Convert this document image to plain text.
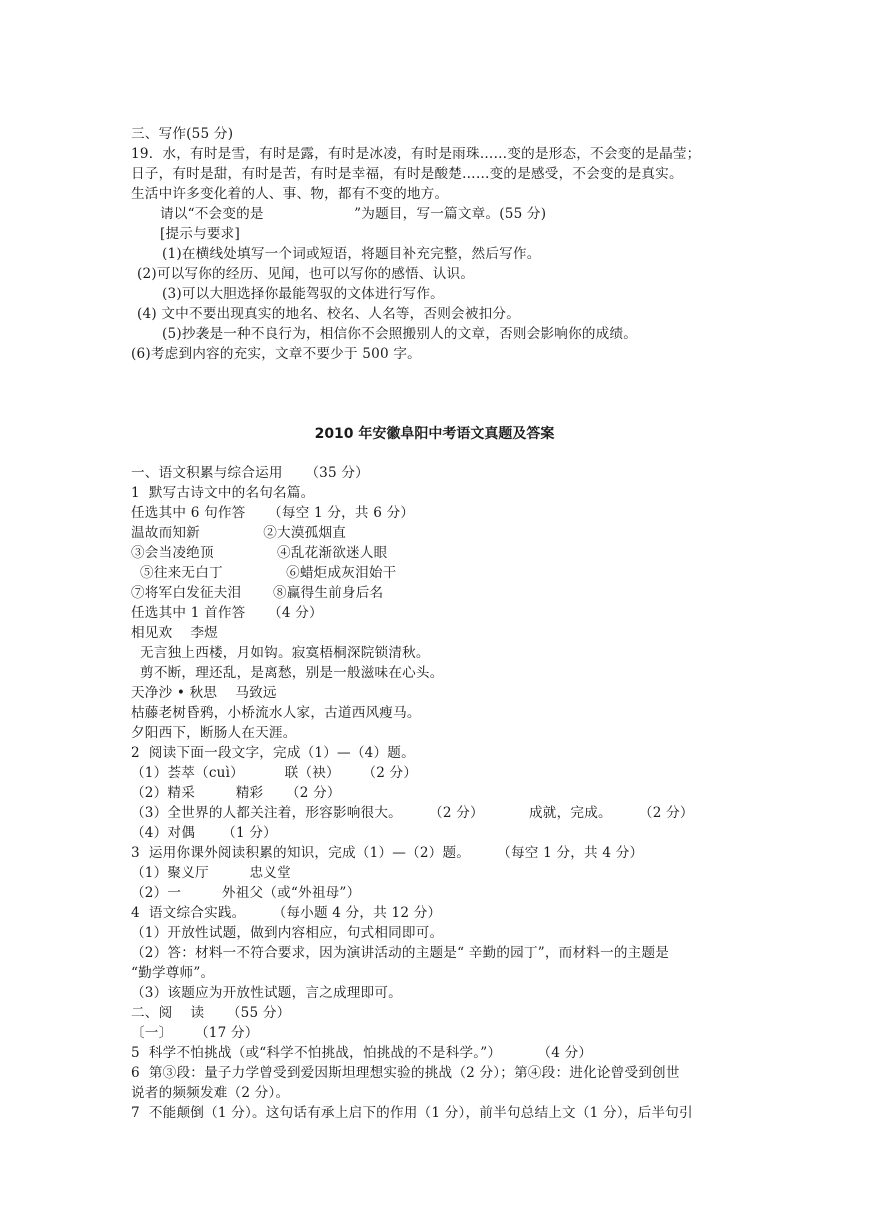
三、写作(55 分)
19．水，有时是雪，有时是露，有时是冰凌，有时是雨珠……变的是形态，不会变的是晶莹；
日子，有时是甜，有时是苦，有时是幸福，有时是酸楚……变的是感受，不会变的是真实。
生活中许多变化着的人、事、物，都有不变的地方。
请以“不会变的是                    ”为题目，写一篇文章。(55 分)
[提示与要求]
(1)在横线处填写一个词或短语，将题目补充完整，然后写作。
(2)可以写你的经历、见闻，也可以写你的感悟、认识。
(3)可以大胆选择你最能驾驭的文体进行写作。
(4) 文中不要出现真实的地名、校名、人名等，否则会被扣分。
(5)抄袭是一种不良行为，相信你不会照搬别人的文章，否则会影响你的成绩。
(6)考虑到内容的充实，文章不要少于 500 字。
2010 年安徽阜阳中考语文真题及答案
一、语文积累与综合运用     （35 分）
1  默写古诗文中的名句名篇。
任选其中 6 句作答     （每空 1 分，共 6 分）
温故而知新              ②大漠孤烟直
③会当凌绝顶              ④乱花渐欲迷人眼
⑤往来无白丁              ⑥蜡炬成灰泪始干
⑦将军白发征夫泪       ⑧赢得生前身后名
任选其中 1 首作答     （4 分）
相见欢    李煜
无言独上西楼，月如钩。寂寞梧桐深院锁清秋。
剪不断，理还乱，是离愁，别是一般滋味在心头。
天净沙 • 秋思    马致远
枯藤老树昏鸦，小桥流水人家，古道西风瘦马。
夕阳西下，断肠人在天涯。
2  阅读下面一段文字，完成（1）—（4）题。
（1）荟萃（cuì）         联（袂）     （2 分）
（2）精采         精彩     （2 分）
（3）全世界的人都关注着，形容影响很大。      （2 分）          成就，完成。      （2 分）
（4）对偶      （1 分）
3  运用你课外阅读积累的知识，完成（1）—（2）题。      （每空 1 分，共 4 分）
（1）聚义厅         忠义堂
（2）一         外祖父（或“外祖母”）
4  语文综合实践。      （每小题 4 分，共 12 分）
（1）开放性试题，做到内容相应，句式相同即可。
（2）答：材料一不符合要求，因为演讲活动的主题是“ 辛勤的园丁”，而材料一的主题是
“勤学尊师”。
（3）该题应为开放性试题，言之成理即可。
二、阅    读     （55 分）
〔一〕     （17 分）
5  科学不怕挑战（或“科学不怕挑战，怕挑战的不是科学。”）        （4 分）
6  第③段：量子力学曾受到爱因斯坦理想实验的挑战（2 分）；第④段：进化论曾受到创世
说者的频频发难（2 分）。
7  不能颠倒（1 分）。这句话有承上启下的作用（1 分），前半句总结上文（1 分），后半句引
